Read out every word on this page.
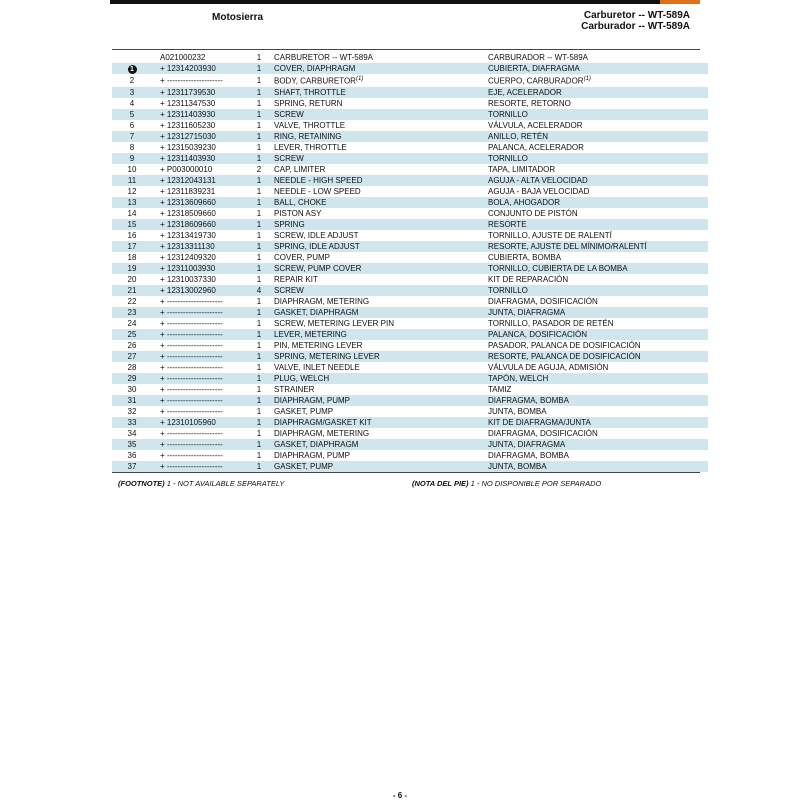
Motosierra	Carburetor -- WT-589A
Carburador -- WT-589A
	A021000232	1	CARBURETOR -- WT-589A	CARBURADOR -- WT-589A
1	+ 12314203930	1	COVER, DIAPHRAGM	CUBIERTA, DIAFRAGMA
2	+ ---------------------	1	BODY, CARBURETOR$^{(1)}$	CUERPO, CARBURADOR$^{(1)}$
3	+ 12311739530	1	SHAFT, THROTTLE	EJE, ACELERADOR
4	+ 12311347530	1	SPRING, RETURN	RESORTE, RETORNO
5	+ 12311403930	1	SCREW	TORNILLO
6	+ 12311605230	1	VALVE, THROTTLE	VÁLVULA, ACELERADOR
7	+ 12312715030	1	RING, RETAINING	ANILLO, RETÉN
8	+ 12315039230	1	LEVER, THROTTLE	PALANCA, ACELERADOR
9	+ 12311403930	1	SCREW	TORNILLO
10	+ P003000010	2	CAP, LIMITER	TAPA, LIMITADOR
11	+ 12312043131	1	NEEDLE - HIGH SPEED	AGUJA - ALTA VELOCIDAD
12	+ 12311839231	1	NEEDLE - LOW SPEED	AGUJA - BAJA VELOCIDAD
13	+ 12313609660	1	BALL, CHOKE	BOLA, AHOGADOR
14	+ 12318509660	1	PISTON ASY	CONJUNTO DE PISTÓN
15	+ 12318609660	1	SPRING	RESORTE
16	+ 12313419730	1	SCREW, IDLE ADJUST	TORNILLO, AJUSTE DE RALENTÍ
17	+ 12313311130	1	SPRING, IDLE ADJUST	RESORTE, AJUSTE DEL MÍNIMO/RALENTÍ
18	+ 12312409320	1	COVER, PUMP	CUBIERTA, BOMBA
19	+ 12311003930	1	SCREW, PUMP COVER	TORNILLO, CUBIERTA DE LA BOMBA
20	+ 12310037330	1	REPAIR KIT	KIT DE REPARACIÓN
21	+ 12313002960	4	SCREW	TORNILLO
22	+ ---------------------	1	DIAPHRAGM, METERING	DIAFRAGMA, DOSIFICACIÓN
23	+ ---------------------	1	GASKET, DIAPHRAGM	JUNTA, DIAFRAGMA
24	+ ---------------------	1	SCREW, METERING LEVER PIN	TORNILLO, PASADOR DE RETÉN
25	+ ---------------------	1	LEVER, METERING	PALANCA, DOSIFICACIÓN
26	+ ---------------------	1	PIN, METERING LEVER	PASADOR, PALANCA DE DOSIFICACIÓN
27	+ ---------------------	1	SPRING, METERING LEVER	RESORTE, PALANCA DE DOSIFICACIÓN
28	+ ---------------------	1	VALVE, INLET NEEDLE	VÁLVULA DE AGUJA, ADMISIÓN
29	+ ---------------------	1	PLUG, WELCH	TAPÓN, WELCH
30	+ ---------------------	1	STRAINER	TAMIZ
31	+ ---------------------	1	DIAPHRAGM, PUMP	DIAFRAGMA, BOMBA
32	+ ---------------------	1	GASKET, PUMP	JUNTA, BOMBA
33	+ 12310105960	1	DIAPHRAGM/GASKET KIT	KIT DE DIAFRAGMA/JUNTA
34	+ ---------------------	1	DIAPHRAGM, METERING	DIAFRAGMA, DOSIFICACIÓN
35	+ ---------------------	1	GASKET, DIAPHRAGM	JUNTA, DIAFRAGMA
36	+ ---------------------	1	DIAPHRAGM, PUMP	DIAFRAGMA, BOMBA
37	+ ---------------------	1	GASKET, PUMP	JUNTA, BOMBA
(FOOTNOTE) 1 - NOT AVAILABLE SEPARATELY	(NOTA DEL PIE) 1 - NO DISPONIBLE POR SEPARADO
- 6 -
